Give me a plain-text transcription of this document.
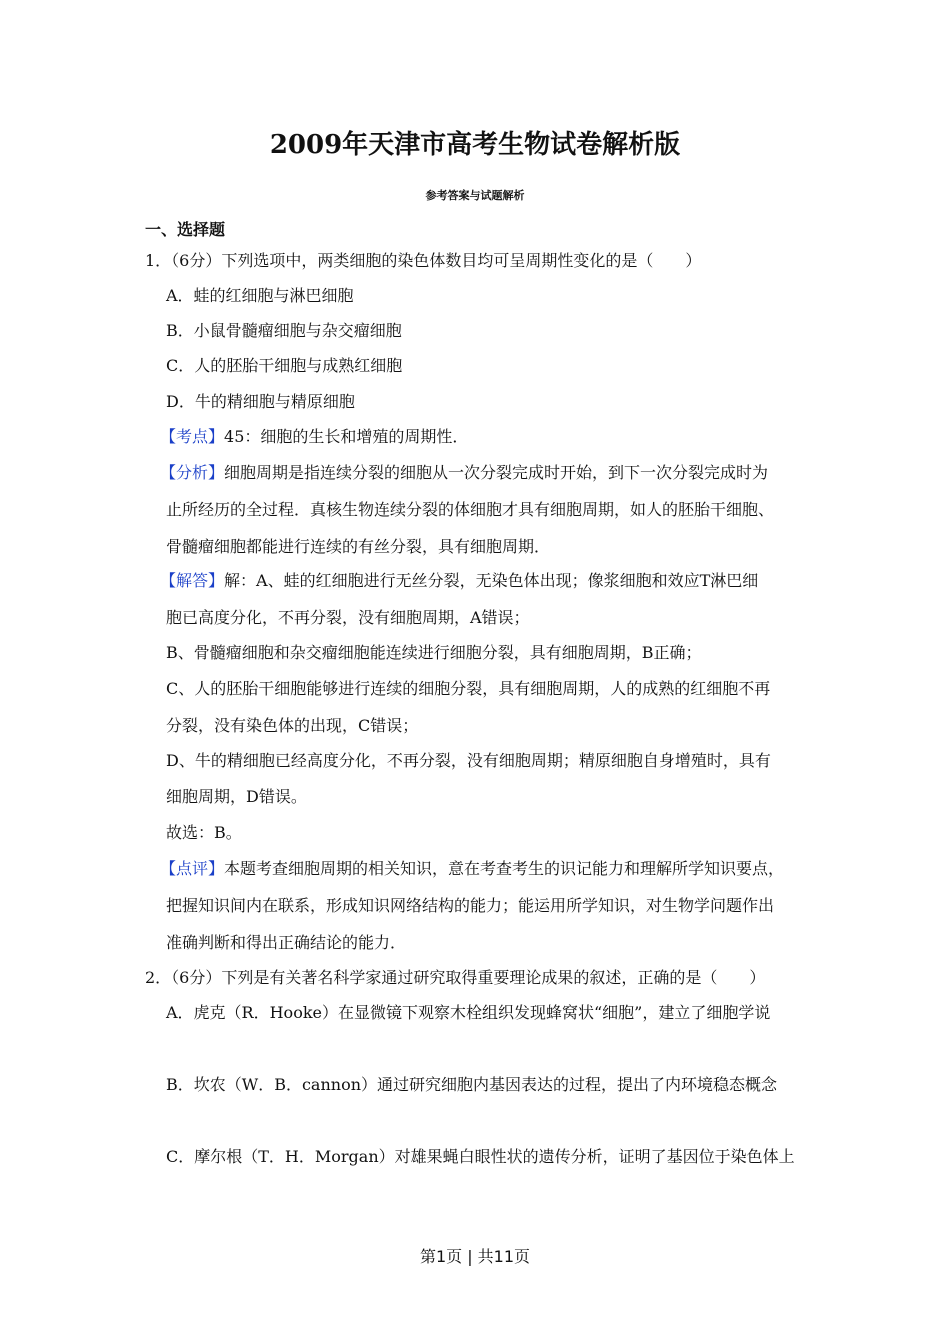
2009年天津市高考生物试卷解析版
参考答案与试题解析
一、选择题
1．（6分）下列选项中，两类细胞的染色体数目均可呈周期性变化的是（　　）
A．蛙的红细胞与淋巴细胞
B．小鼠骨髓瘤细胞与杂交瘤细胞
C．人的胚胎干细胞与成熟红细胞
D．牛的精细胞与精原细胞
【考点】45：细胞的生长和增殖的周期性．
【分析】细胞周期是指连续分裂的细胞从一次分裂完成时开始，到下一次分裂完成时为
止所经历的全过程．真核生物连续分裂的体细胞才具有细胞周期，如人的胚胎干细胞、
骨髓瘤细胞都能进行连续的有丝分裂，具有细胞周期．
【解答】解：A、蛙的红细胞进行无丝分裂，无染色体出现；像浆细胞和效应T淋巴细
胞已高度分化，不再分裂，没有细胞周期，A错误；
B、骨髓瘤细胞和杂交瘤细胞能连续进行细胞分裂，具有细胞周期，B正确；
C、人的胚胎干细胞能够进行连续的细胞分裂，具有细胞周期，人的成熟的红细胞不再
分裂，没有染色体的出现，C错误；
D、牛的精细胞已经高度分化，不再分裂，没有细胞周期；精原细胞自身增殖时，具有
细胞周期，D错误。
故选：B。
【点评】本题考查细胞周期的相关知识，意在考查考生的识记能力和理解所学知识要点，
把握知识间内在联系，形成知识网络结构的能力；能运用所学知识，对生物学问题作出
准确判断和得出正确结论的能力．
2．（6分）下列是有关著名科学家通过研究取得重要理论成果的叙述，正确的是（　　）
A．虎克（R．Hooke）在显微镜下观察木栓组织发现蜂窝状“细胞”，建立了细胞学说
B．坎农（W．B．cannon）通过研究细胞内基因表达的过程，提出了内环境稳态概念
C．摩尔根（T．H．Morgan）对雄果蝇白眼性状的遗传分析，证明了基因位于染色体上
第1页 | 共11页
